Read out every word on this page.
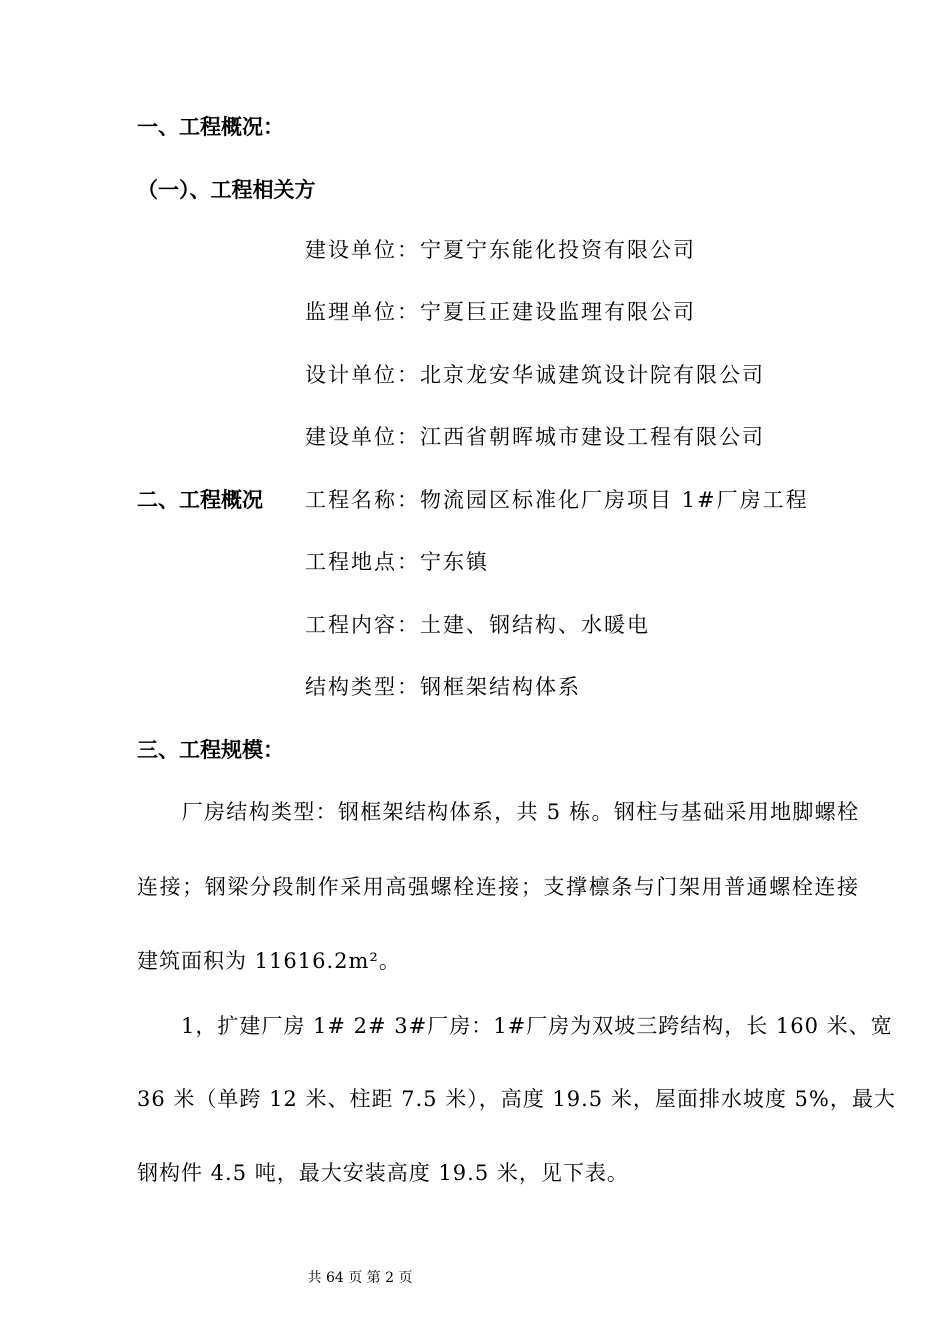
一、工程概况：
（一）、工程相关方
建设单位：宁夏宁东能化投资有限公司
监理单位：宁夏巨正建设监理有限公司
设计单位：北京龙安华诚建筑设计院有限公司
建设单位：江西省朝晖城市建设工程有限公司
二、工程概况 工程名称：物流园区标准化厂房项目 1#厂房工程
工程地点：宁东镇
工程内容：土建、钢结构、水暖电
结构类型：钢框架结构体系
三、工程规模：
　　厂房结构类型：钢框架结构体系，共 5 栋。钢柱与基础采用地脚螺栓
连接；钢梁分段制作采用高强螺栓连接；支撑檩条与门架用普通螺栓连接
建筑面积为 11616.2m²。
　　1，扩建厂房 1# 2# 3#厂房：1#厂房为双坡三跨结构，长 160 米、宽
36 米（单跨 12 米、柱距 7.5 米），高度 19.5 米，屋面排水坡度 5%，最大
钢构件 4.5 吨，最大安装高度 19.5 米，见下表。
共 64 页 第 2 页
